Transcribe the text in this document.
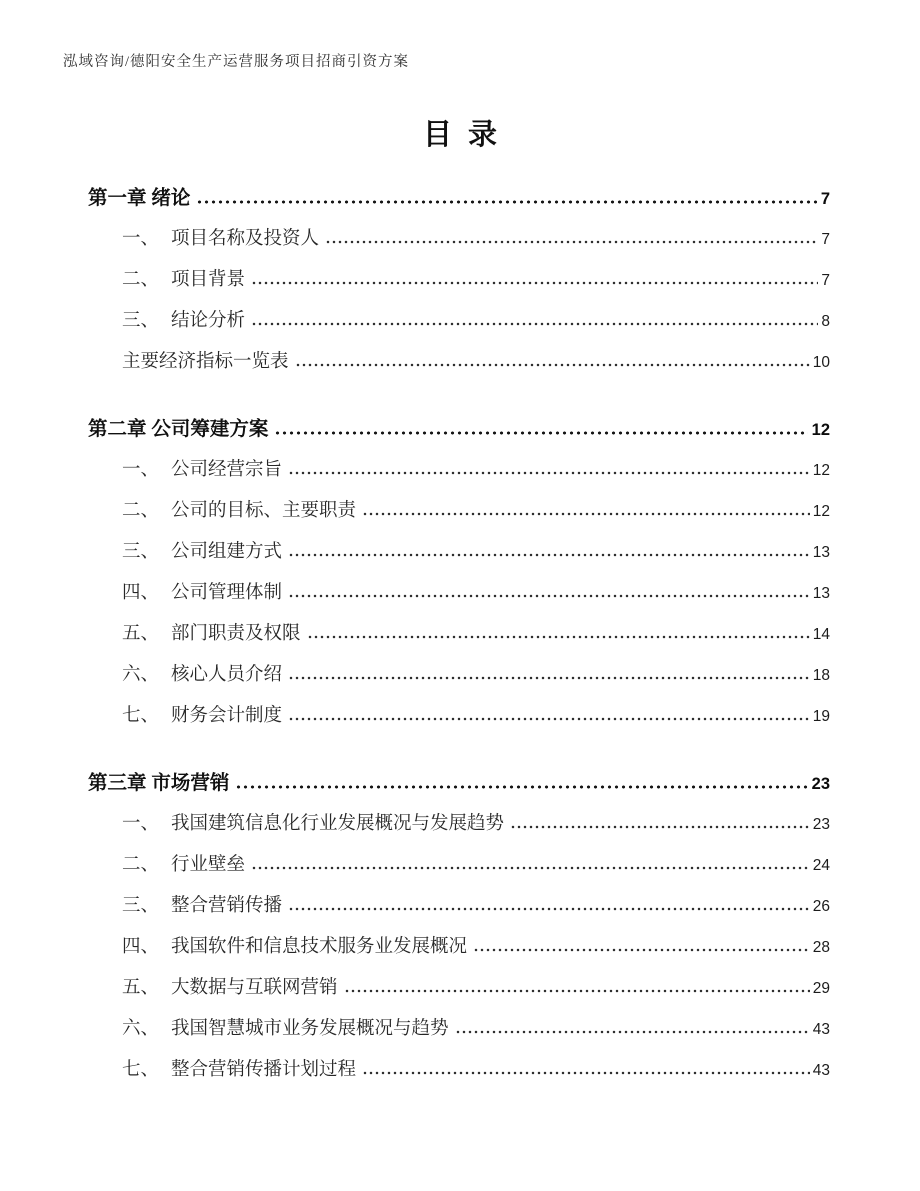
泓域咨询/德阳安全生产运营服务项目招商引资方案
目录
第一章 绪论	7
一、 项目名称及投资人	7
二、 项目背景	7
三、 结论分析	8
主要经济指标一览表	10
第二章 公司筹建方案	12
一、 公司经营宗旨	12
二、 公司的目标、主要职责	12
三、 公司组建方式	13
四、 公司管理体制	13
五、 部门职责及权限	14
六、 核心人员介绍	18
七、 财务会计制度	19
第三章 市场营销	23
一、 我国建筑信息化行业发展概况与发展趋势	23
二、 行业壁垒	24
三、 整合营销传播	26
四、 我国软件和信息技术服务业发展概况	28
五、 大数据与互联网营销	29
六、 我国智慧城市业务发展概况与趋势	43
七、 整合营销传播计划过程	43
